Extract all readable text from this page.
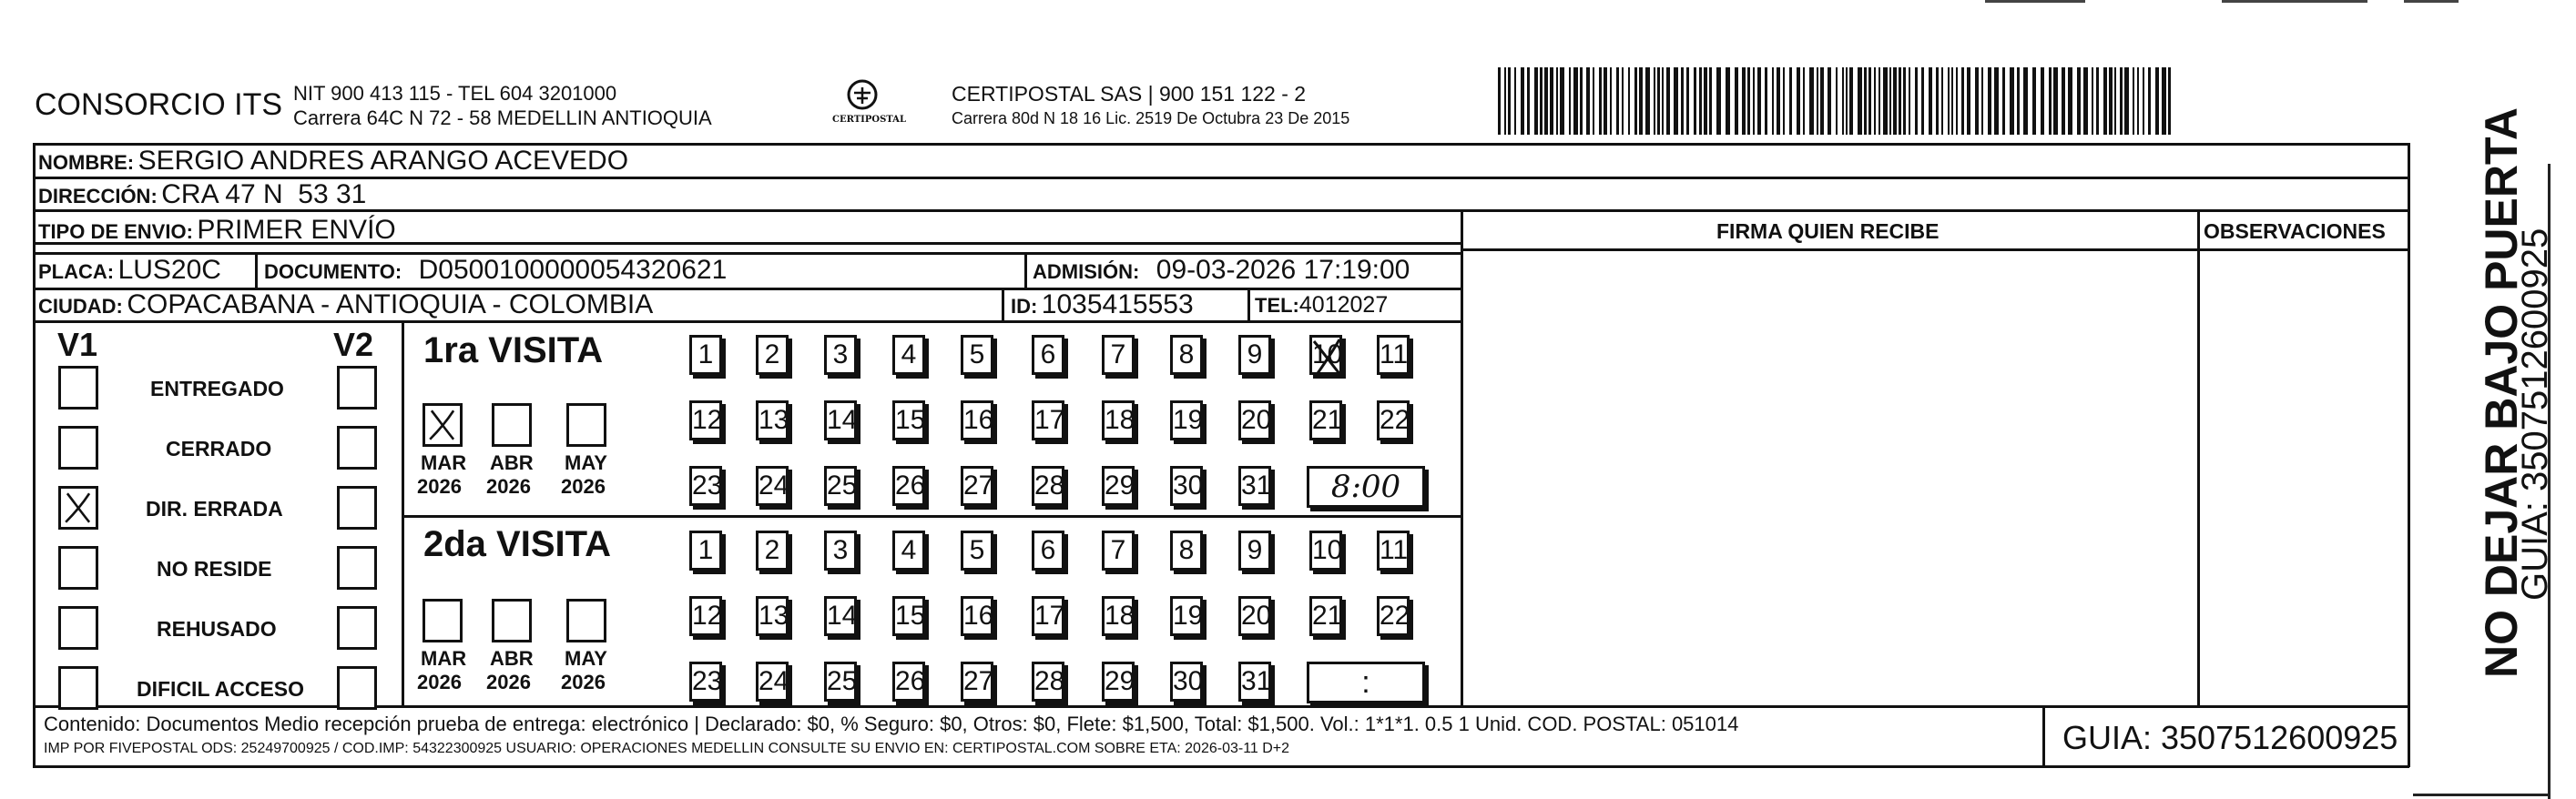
CONSORCIO ITS NIT 900 413 115 - TEL 604 3201000
Carrera 64C N 72 - 58 MEDELLIN ANTIOQUIA	CERTIPOSTAL
CERTIPOSTAL SAS | 900 151 122 - 2
Carrera 80d N 18 16 Lic. 2519 De Octubra 23 De 2015
NOMBRE: SERGIO ANDRES ARANGO ACEVEDO
DIRECCIÓN: CRA 47 N  53 31
TIPO DE ENVIO: PRIMER ENVÍO
PLACA: LUS20C DOCUMENTO: D0500100000054320621	ADMISIÓN: 09-03-2026 17:19:00
CIUDAD: COPACABANA - ANTIOQUIA - COLOMBIA	ID: 1035415553	TEL:4012027
FIRMA QUIEN RECIBE	OBSERVACIONES
V1	V2
ENTREGADO
CERRADO
DIR. ERRADA
NO RESIDE
REHUSADO
DIFICIL ACCESO
1ra VISITA
MAR
2026
ABR
2026
MAY
2026
1	2	3	4	5	6	7	8	9	10 11
12 13 14 15 16 17 18 19 20 21 22
23 24 25 26 27 28 29 30 31	8:00
2da VISITA
MAR
2026
ABR
2026
MAY
2026
1	2	3	4	5	6	7	8	9	10 11
12 13 14 15 16 17 18 19 20 21 22
23 24 25 26 27 28 29 30 31	:
Contenido: Documentos Medio recepción prueba de entrega: electrónico | Declarado: $0, % Seguro: $0, Otros: $0, Flete: $1,500, Total: $1,500. Vol.: 1*1*1. 0.5 1 Unid. COD. POSTAL: 051014
IMP POR FIVEPOSTAL ODS: 25249700925 / COD.IMP: 54322300925 USUARIO: OPERACIONES MEDELLIN CONSULTE SU ENVIO EN: CERTIPOSTAL.COM SOBRE ETA: 2026-03-11 D+2	GUIA: 3507512600925
NO DEJAR BAJO PUERTA
GUIA: 3507512600925
